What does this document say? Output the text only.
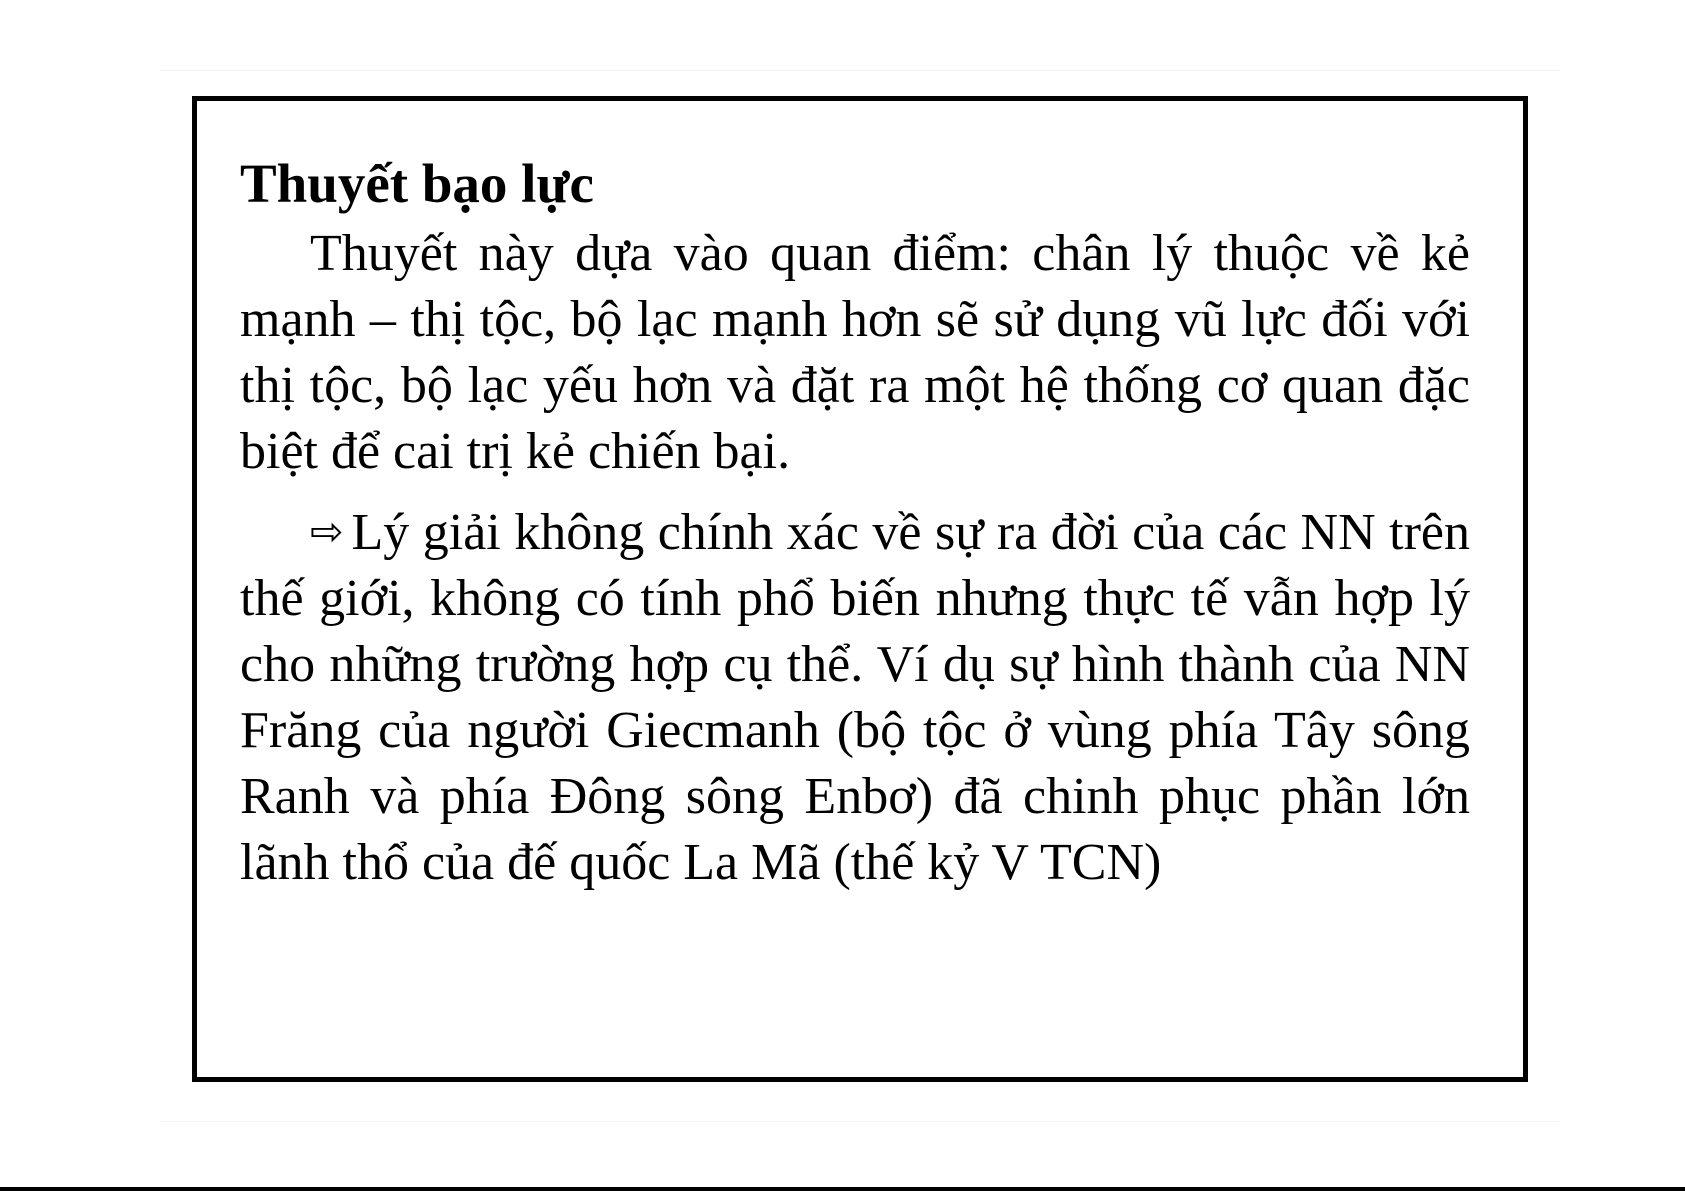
Thuyết bạo lực

Thuyết này dựa vào quan điểm: chân lý thuộc về kẻ mạnh – thị tộc, bộ lạc mạnh hơn sẽ sử dụng vũ lực đối với thị tộc, bộ lạc yếu hơn và đặt ra một hệ thống cơ quan đặc biệt để cai trị kẻ chiến bại.

⇨ Lý giải không chính xác về sự ra đời của các NN trên thế giới, không có tính phổ biến nhưng thực tế vẫn hợp lý cho những trường hợp cụ thể. Ví dụ sự hình thành của NN Frăng của người Giecmanh (bộ tộc ở vùng phía Tây sông Ranh và phía Đông sông Enbơ) đã chinh phục phần lớn lãnh thổ của đế quốc La Mã (thế kỷ V TCN)
